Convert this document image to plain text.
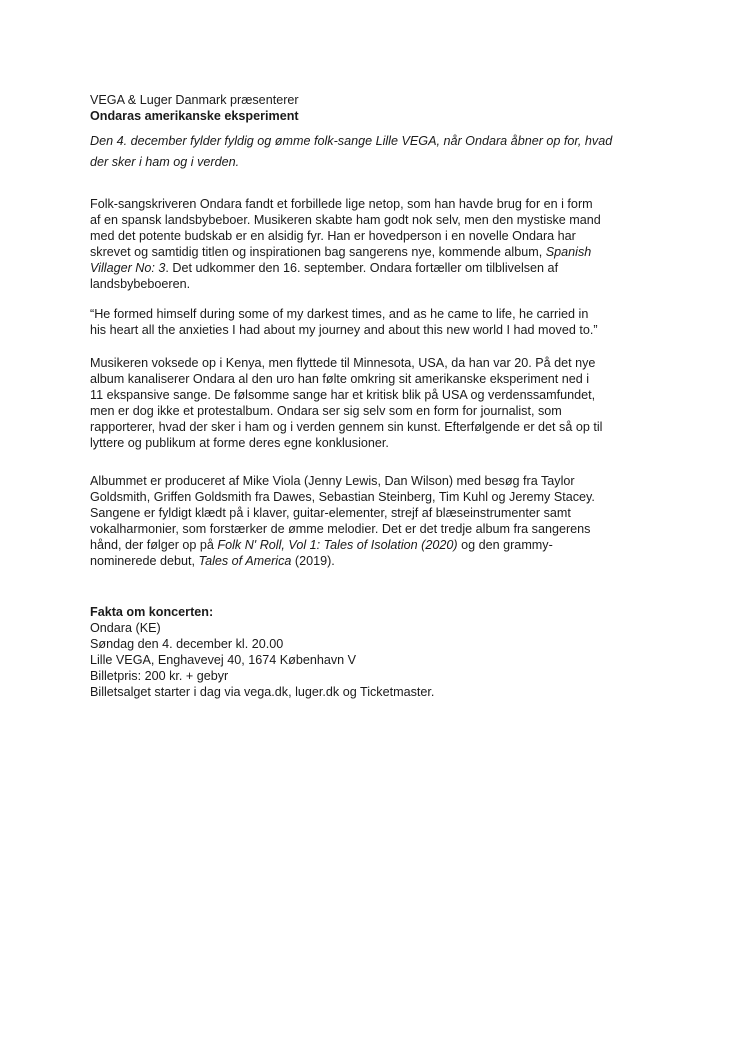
VEGA & Luger Danmark præsenterer
Ondaras amerikanske eksperiment
Den 4. december fylder fyldig og ømme folk-sange Lille VEGA, når Ondara åbner op for, hvad
der sker i ham og i verden.
Folk-sangskriveren Ondara fandt et forbillede lige netop, som han havde brug for en i form
af en spansk landsbybeboer. Musikeren skabte ham godt nok selv, men den mystiske mand
med det potente budskab er en alsidig fyr. Han er hovedperson i en novelle Ondara har
skrevet og samtidig titlen og inspirationen bag sangerens nye, kommende album, Spanish
Villager No: 3. Det udkommer den 16. september. Ondara fortæller om tilblivelsen af
landsbybeboeren.
“He formed himself during some of my darkest times, and as he came to life, he carried in
his heart all the anxieties I had about my journey and about this new world I had moved to.”
Musikeren voksede op i Kenya, men flyttede til Minnesota, USA, da han var 20. På det nye
album kanaliserer Ondara al den uro han følte omkring sit amerikanske eksperiment ned i
11 ekspansive sange. De følsomme sange har et kritisk blik på USA og verdenssamfundet,
men er dog ikke et protestalbum. Ondara ser sig selv som en form for journalist, som
rapporterer, hvad der sker i ham og i verden gennem sin kunst. Efterfølgende er det så op til
lyttere og publikum at forme deres egne konklusioner.
Albummet er produceret af Mike Viola (Jenny Lewis, Dan Wilson) med besøg fra Taylor
Goldsmith, Griffen Goldsmith fra Dawes, Sebastian Steinberg, Tim Kuhl og Jeremy Stacey.
Sangene er fyldigt klædt på i klaver, guitar-elementer, strejf af blæseinstrumenter samt
vokalharmonier, som forstærker de ømme melodier. Det er det tredje album fra sangerens
hånd, der følger op på Folk N' Roll, Vol 1: Tales of Isolation (2020) og den grammy-
nominerede debut, Tales of America (2019).
Fakta om koncerten:
Ondara (KE)
Søndag den 4. december kl. 20.00
Lille VEGA, Enghavevej 40, 1674 København V
Billetpris: 200 kr. + gebyr
Billetsalget starter i dag via vega.dk, luger.dk og Ticketmaster.
